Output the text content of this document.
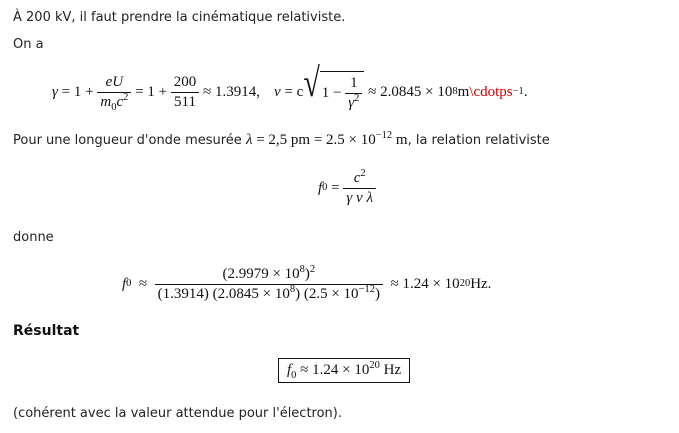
À 200 kV, il faut prendre la cinématique relativiste.
On a
γ
= 1 +
$\frac{eU}{m_0c^2}$
= 1 +
$\frac{200}{511}$
≈ 1.3914, v
= c √ 1 −
$\frac{1}{\gamma^2}$
≈ 2.0845 × 10 8 m \cdotps −1 .
Pour une longueur d'onde mesurée λ = 2,5 pm = $2.5 \times 10^{-12}$ m, la relation relativiste
f 0
=
$\frac{c^2}{\text{γ v λ}}$
donne
f 0
≈
$\frac{(2.9979 \times 10^8)^2}{(1.3914) (2.0845 \times 10^8) (2.5 \times 10^{-12})}$
≈ 1.24 × 10 20 Hz.
Résultat
$f_0 \approx 1.24 \times 10^{20}$ Hz
(cohérent avec la valeur attendue pour l'électron).
